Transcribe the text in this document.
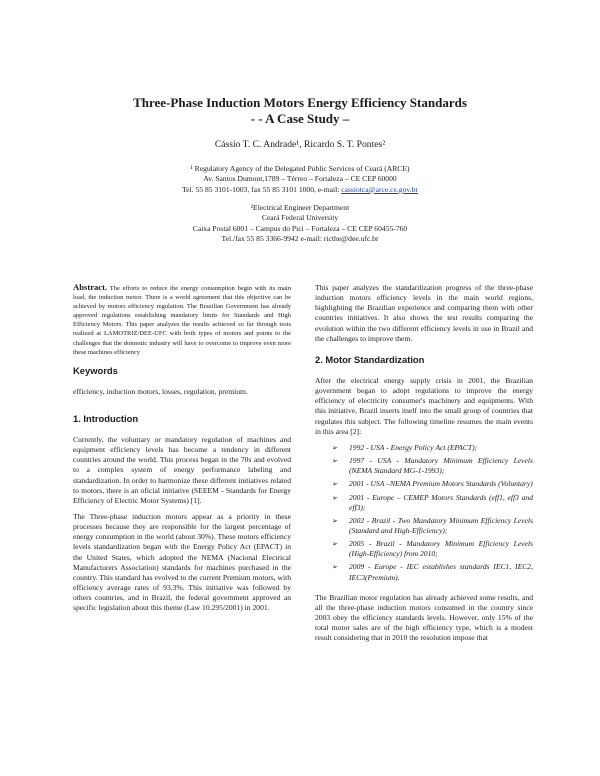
Three-Phase Induction Motors Energy Efficiency Standards
- - A Case Study –
Cássio T. C. Andrade¹, Ricardo S. T. Pontes²
¹ Regulatory Agency of the Delegated Public Services of Ceará (ARCE)
Av. Santos Dumont,1789 – Térreo – Fortaleza – CE CEP 60000
Tel. 55 85 3101-1003, fax 55 85 3101 1000, e-mail: cassiotca@arce.ce.gov.br
²Electrical Engineer Department
Ceará Federal University
Caixa Postal 6001 – Campus do Pici – Fortaleza – CE CEP 60455-760
Tel./fax 55 85 3366-9942 e-mail: ricthe@dee.ufc.br

Abstract. The efforts to reduce the energy consumption begin with its main load, the induction motor. There is a world agreement that this objective can be achieved by motors efficiency regulation. The Brazilian Government has already approved regulations establishing mandatory limits for Standards and High Efficiency Motors. This paper analyzes the results achieved so far through tests realized at LAMOTRIZ/DEE-UFC with both types of motors and points to the challenges that the domestic industry will have to overcome to improve even more these machines efficiency

Keywords

efficiency, induction motors, losses, regulation, premium.

1. Introduction

Currently, the voluntary or mandatory regulation of machines and equipment efficiency levels has become a tendency in different countries around the world. This process began in the 70s and evolved to a complex system of energy performance labeling and standardization. In order to harmonize these different initiatives related to motors, there is an oficial initiative (SEEEM - Standards for Energy Efficiency of Electric Motor Systems) [1].

The Three-phase induction motors appear as a priority in these processes because they are responsible for the largest percentage of energy consumption in the world (about 30%). These motors efficiency levels standardization began with the Energy Policy Act (EPACT) in the United States, which adopted the NEMA (Nacional Electrical Manufacturers Association) standards for machines purchased in the country. This standard has evolved to the current Premium motors, with efficiency average rates of 93.3%. This initiative was followed by others countries, and in Brazil, the federal government approved an specific legislation about this theme (Law 10.295/2001) in 2001.

This paper analyzes the standardization progress of the three-phase induction motors efficiency levels in the main world regions, highlighting the Brazilian experience and comparing them with other countries initiatives. It also shows the test results comparing the evolution within the two different efficiency levels in use in Brazil and the challenges to improve them.

2. Motor Standardization

After the electrical energy supply crisis in 2001, the Brazilian government began to adopt regulations to improve the energy efficiency of electricity consumer's machinery and equipments. With this initiative, Brazil inserts itself into the small group of countries that regulates this subject. The following timeline resumes the main events in this area [2]:

➢ 1992 - USA - Energy Policy Act (EPACT);
➢ 1997 - USA - Mandatory Minimum Efficiency Levels (NEMA Standard MG-1-1993);
➢ 2001 - USA –NEMA Premium Motors Standards (Voluntary)
➢ 2001 - Europe – CEMEP Motors Standards (eff1, eff3 and eff3);
➢ 2002 - Brazil - Two Mandatory Minimum Efficiency Levels (Standard and High-Efficiency);
➢ 2005 - Brazil - Mandatory Minimum Efficiency Levels (High-Efficiency) from 2010;
➢ 2009 - Europe - IEC establishes standards IEC1, IEC2, IEC3(Premium).

The Brazilian motor regulation has already achieved some results, and all the three-phase induction motors consumed in the country since 2003 obey the efficiency standards levels. However, only 15% of the total motor sales are of the high efficiency type, which is a modest result considering that in 2010 the resolution impose that
